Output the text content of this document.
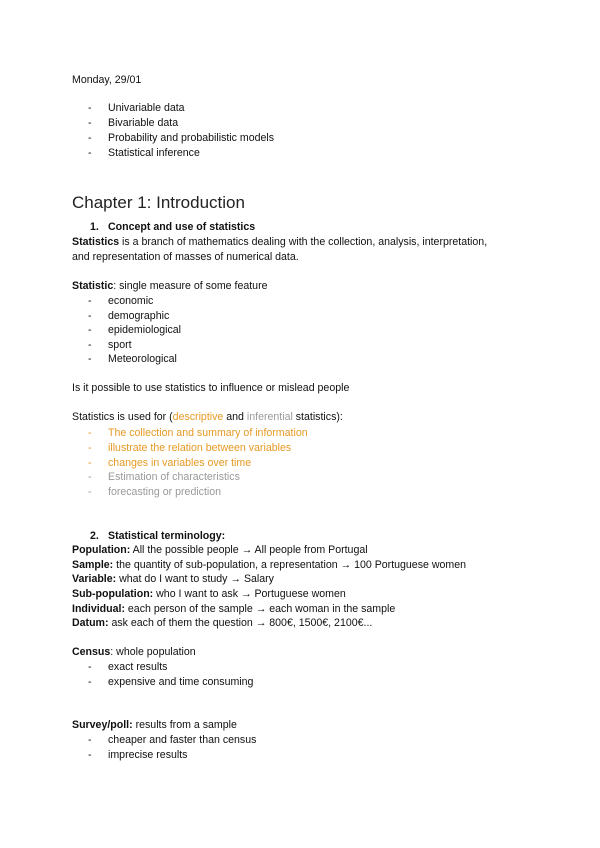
Monday, 29/01
- Univariable data
- Bivariable data
- Probability and probabilistic models
- Statistical inference
Chapter 1: Introduction
1. Concept and use of statistics
Statistics is a branch of mathematics dealing with the collection, analysis, interpretation,
and representation of masses of numerical data.
Statistic: single measure of some feature
- economic
- demographic
- epidemiological
- sport
- Meteorological
Is it possible to use statistics to influence or mislead people
Statistics is used for (descriptive and inferential statistics):
- The collection and summary of information
- illustrate the relation between variables
- changes in variables over time
- Estimation of characteristics
- forecasting or prediction
2. Statistical terminology:
Population: All the possible people → All people from Portugal
Sample: the quantity of sub-population, a representation → 100 Portuguese women
Variable: what do I want to study → Salary
Sub-population: who I want to ask → Portuguese women
Individual: each person of the sample → each woman in the sample
Datum: ask each of them the question → 800€, 1500€, 2100€...
Census: whole population
- exact results
- expensive and time consuming
Survey/poll: results from a sample
- cheaper and faster than census
- imprecise results
